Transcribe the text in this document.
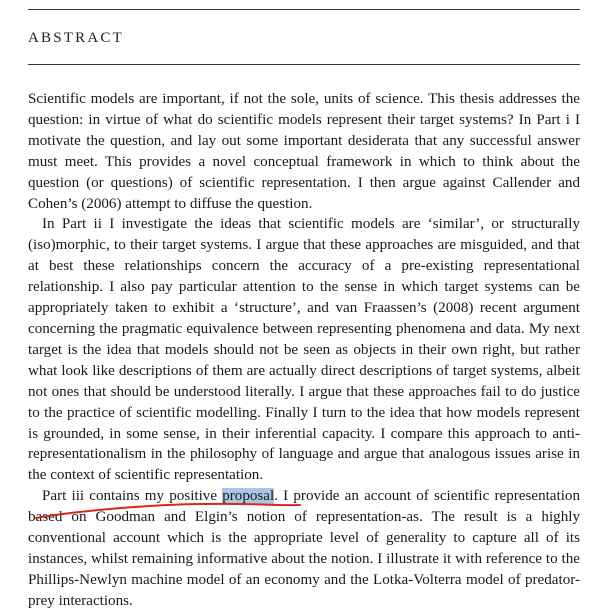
ABSTRACT

Scientific models are important, if not the sole, units of science. This thesis addresses the question: in virtue of what do scientific models represent their target systems? In Part i I motivate the question, and lay out some important desiderata that any successful answer must meet. This provides a novel conceptual framework in which to think about the question (or questions) of scientific representation. I then argue against Callender and Cohen’s (2006) attempt to diffuse the question.

In Part ii I investigate the ideas that scientific models are ‘similar’, or structurally (iso)morphic, to their target systems. I argue that these approaches are misguided, and that at best these relationships concern the accuracy of a pre-existing representational relationship. I also pay particular attention to the sense in which target systems can be appropriately taken to exhibit a ‘structure’, and van Fraassen’s (2008) recent argument concerning the pragmatic equivalence between representing phenomena and data. My next target is the idea that models should not be seen as objects in their own right, but rather what look like descriptions of them are actually direct descriptions of target systems, albeit not ones that should be understood literally. I argue that these approaches fail to do justice to the practice of scientific modelling. Finally I turn to the idea that how models represent is grounded, in some sense, in their inferential capacity. I compare this approach to anti-representationalism in the philosophy of language and argue that analogous issues arise in the context of scientific representation.

Part iii contains my positive proposal. I provide an account of scientific representation based on Goodman and Elgin’s notion of representation-as. The result is a highly conventional account which is the appropriate level of generality to capture all of its instances, whilst remaining informative about the notion. I illustrate it with reference to the Phillips-Newlyn machine model of an economy and the Lotka-Volterra model of predator-prey interactions.
